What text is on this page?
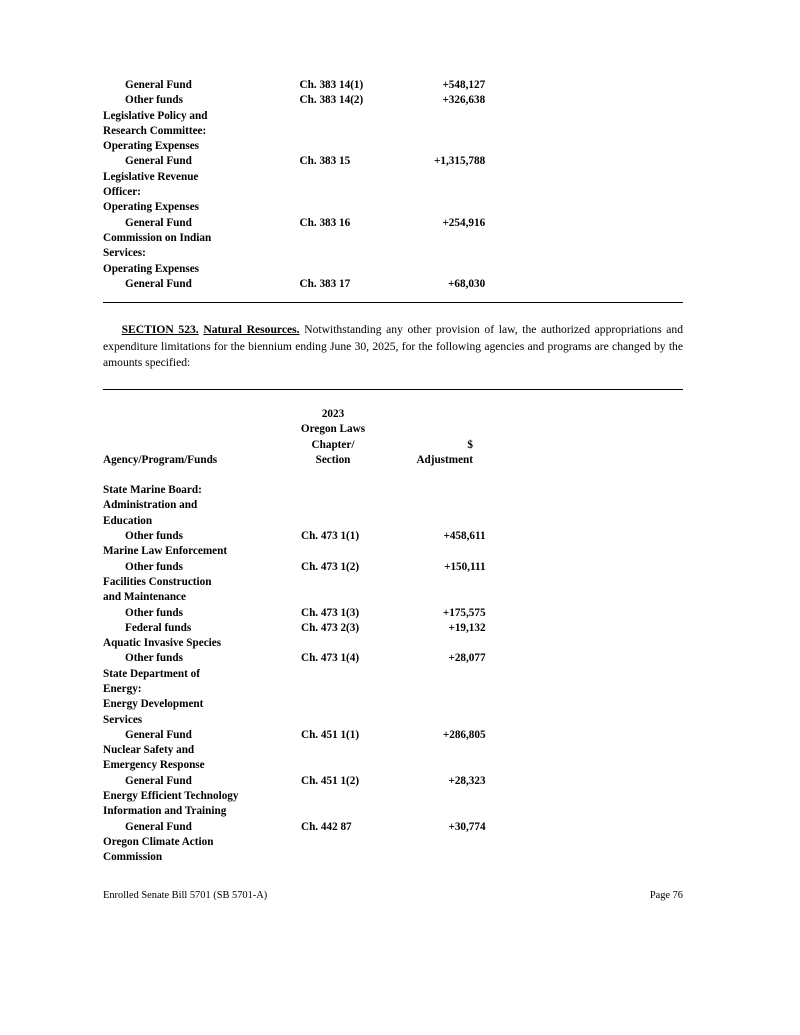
General Fund	Ch. 383 14(1)	+548,127	
Other funds	Ch. 383 14(2)	+326,638	
Legislative Policy and			
Research Committee:			
Operating Expenses			
General Fund	Ch. 383 15	+1,315,788	
Legislative Revenue			
Officer:			
Operating Expenses			
General Fund	Ch. 383 16	+254,916	
Commission on Indian			
Services:			
Operating Expenses			
General Fund	Ch. 383 17	+68,030	

SECTION 523. Natural Resources. Notwithstanding any other provision of law, the authorized appropriations and expenditure limitations for the biennium ending June 30, 2025, for the following agencies and programs are changed by the amounts specified:

	2023		
	Oregon Laws		
	Chapter/	$	
Agency/Program/Funds	Section	Adjustment	

State Marine Board:			
Administration and			
Education			
Other funds	Ch. 473 1(1)	+458,611	
Marine Law Enforcement			
Other funds	Ch. 473 1(2)	+150,111	
Facilities Construction			
and Maintenance			
Other funds	Ch. 473 1(3)	+175,575	
Federal funds	Ch. 473 2(3)	+19,132	
Aquatic Invasive Species			
Other funds	Ch. 473 1(4)	+28,077	
State Department of			
Energy:			
Energy Development			
Services			
General Fund	Ch. 451 1(1)	+286,805	
Nuclear Safety and			
Emergency Response			
General Fund	Ch. 451 1(2)	+28,323	
Energy Efficient Technology			
Information and Training			
General Fund	Ch. 442 87	+30,774	
Oregon Climate Action			
Commission			
Enrolled Senate Bill 5701 (SB 5701-A)	Page 76
